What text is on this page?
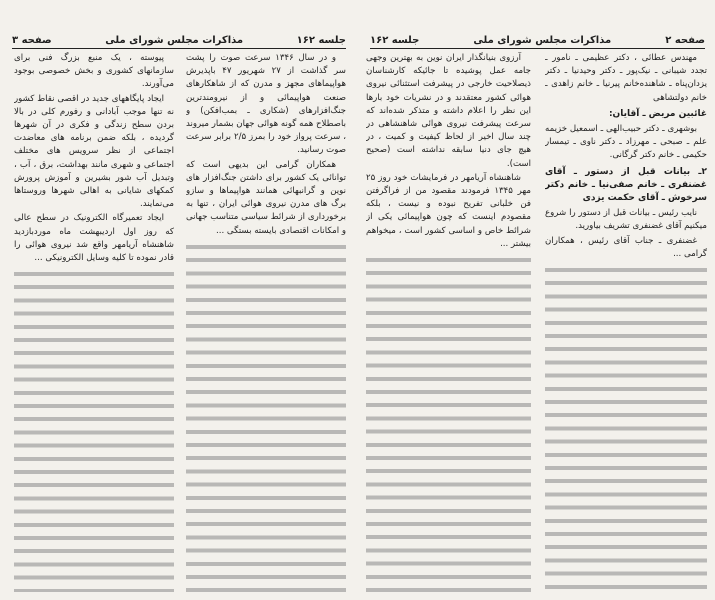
جلسه ۱۶۲
مذاکرات مجلس شورای ملی
صفحه ۳

و در سال ۱۳۴۶ سرعت صوت را پشت سر گذاشت از ۲۷ شهریور ۴۷ باپذیرش هواپیماهای مجهز و مدرن که از شاهکارهای صنعت هواپیمائی و از نیرومندترین جنگ‌افزارهای (شکاری ـ بمب‌افکن) و باصطلاح همه گونه هوائی جهان بشمار میروند ، سرعت پرواز خود را بمرز ۲/۵ برابر سرعت صوت رسانید.

همکاران گرامی این بدیهی است که توانائی یک کشور برای داشتن جنگ‌افزار های نوین و گرانبهائی همانند هواپیماها و سازو برگ های مدرن نیروی هوائی ایران ، تنها به برخورداری از شرائط سیاسی متناسب جهانی و امکانات اقتصادی بایسته بستگی ...

پیوسته ، یک منبع بزرگ فنی برای سازمانهای کشوری و بخش خصوصی بوجود می‌آورند.

ایجاد پایگاههای جدید در اقصی نقاط کشور نه تنها موجب آبادانی و رفورم کلی در بالا بردن سطح زندگی و فکری در آن شهرها گردیده ، بلکه ضمن برنامه های معاضدت اجتماعی از نظر سرویس های مختلف اجتماعی و شهری مانند بهداشت، برق ، آب ، وتبدیل آب شور بشیرین و آموزش پرورش کمکهای شایانی به اهالی شهرها وروستاها می‌نمایند.

ایجاد تعمیرگاه الکترونیک در سطح عالی که روز اول اردیبهشت ماه موردبازدید شاهنشاه آریامهر واقع شد نیروی هوائی را قادر نموده تا کلیه وسایل الکترونیکی ...

صفحه ۲
مذاکرات مجلس شورای ملی
جلسه ۱۶۲

مهندس عطائی ، دکتر عظیمی ـ نامور ـ تجدد شیبانی ـ نیک‌پور ـ دکتر وحیدنیا ـ دکتر یزدان‌پناه ـ شاهنده‌خانم پیرنیا ـ خانم زاهدی ـ خانم دولتشاهی

غائبین مریض ـ آقایان:

بوشهری ـ دکتر حبیب‌الهی ـ اسمعیل خزیمه علم ـ صبحی ـ مهرزاد ـ دکتر ناوی ـ تیمسار حکیمی ـ خانم دکتر گرگانی.

۲ـ بیانات قبل از دستور ـ آقای غضنفری ـ خانم صفی‌نیا ـ خانم دکتر سرخوش ـ آقای حکمت یزدی

نایب رئیس ـ بیانات قبل از دستور را شروع میکنیم آقای غضنفری تشریف بیاورید.

غضنفری ـ جناب آقای رئیس ، همکاران گرامی ...

آرزوی بنیانگذار ایران نوین به بهترین وجهی جامه عمل پوشیده تا جائیکه کارشناسان ذیصلاحیت خارجی در پیشرفت استثنائی نیروی هوائی کشور معتقدند و در نشریات خود بارها این نظر را اعلام داشته و متذکر شده‌اند که سرعت پیشرفت نیروی هوائی شاهنشاهی در چند سال اخیر از لحاظ کیفیت و کمیت ، در هیچ جای دنیا سابقه نداشته است (صحیح است).

شاهنشاه آریامهر در فرمایشات خود روز ۲۵ مهر ۱۳۴۵ فرمودند مقصود من از فراگرفتن فن خلبانی تفریح نبوده و نیست ، بلکه مقصودم اینست که چون هواپیمائی یکی از شرائط خاص و اساسی کشور است ، میخواهم بیشتر ...
